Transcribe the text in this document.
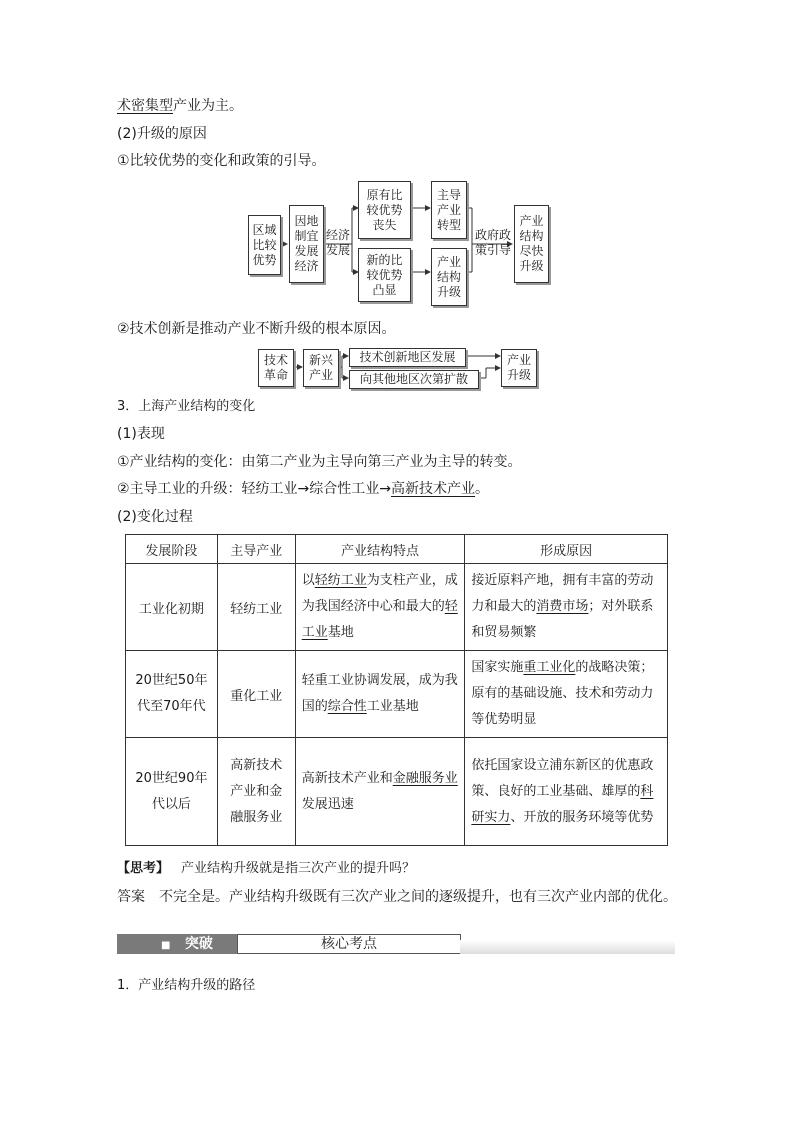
术密集型产业为主。
(2)升级的原因
①比较优势的变化和政策的引导。
区域
比较
优势
因地
制宜
发展
经济
经济
发展
原有比
较优势
丧失
新的比
较优势
凸显
主导
产业
转型
产业
结构
升级
政府政
策引导
产业
结构
尽快
升级
②技术创新是推动产业不断升级的根本原因。
技术
革命
新兴
产业
技术创新地区发展
向其他地区次第扩散
产业
升级
3．上海产业结构的变化
(1)表现
①产业结构的变化：由第二产业为主导向第三产业为主导的转变。
②主导工业的升级：轻纺工业→综合性工业→高新技术产业。
(2)变化过程
发展阶段	主导产业	产业结构特点	形成原因
工业化初期	轻纺工业	以轻纺工业为支柱产业，成为我国经济中心和最大的轻工业基地	接近原料产地，拥有丰富的劳动力和最大的消费市场；对外联系和贸易频繁
20世纪50年代至70年代	重化工业	轻重工业协调发展，成为我国的综合性工业基地	国家实施重工业化的战略决策；原有的基础设施、技术和劳动力等优势明显
20世纪90年代以后	高新技术产业和金融服务业	高新技术产业和金融服务业发展迅速	依托国家设立浦东新区的优惠政策、良好的工业基础、雄厚的科研实力、开放的服务环境等优势
【思考】 产业结构升级就是指三次产业的提升吗？
答案 不完全是。产业结构升级既有三次产业之间的逐级提升，也有三次产业内部的优化。
■ 突破	核心考点
1．产业结构升级的路径
